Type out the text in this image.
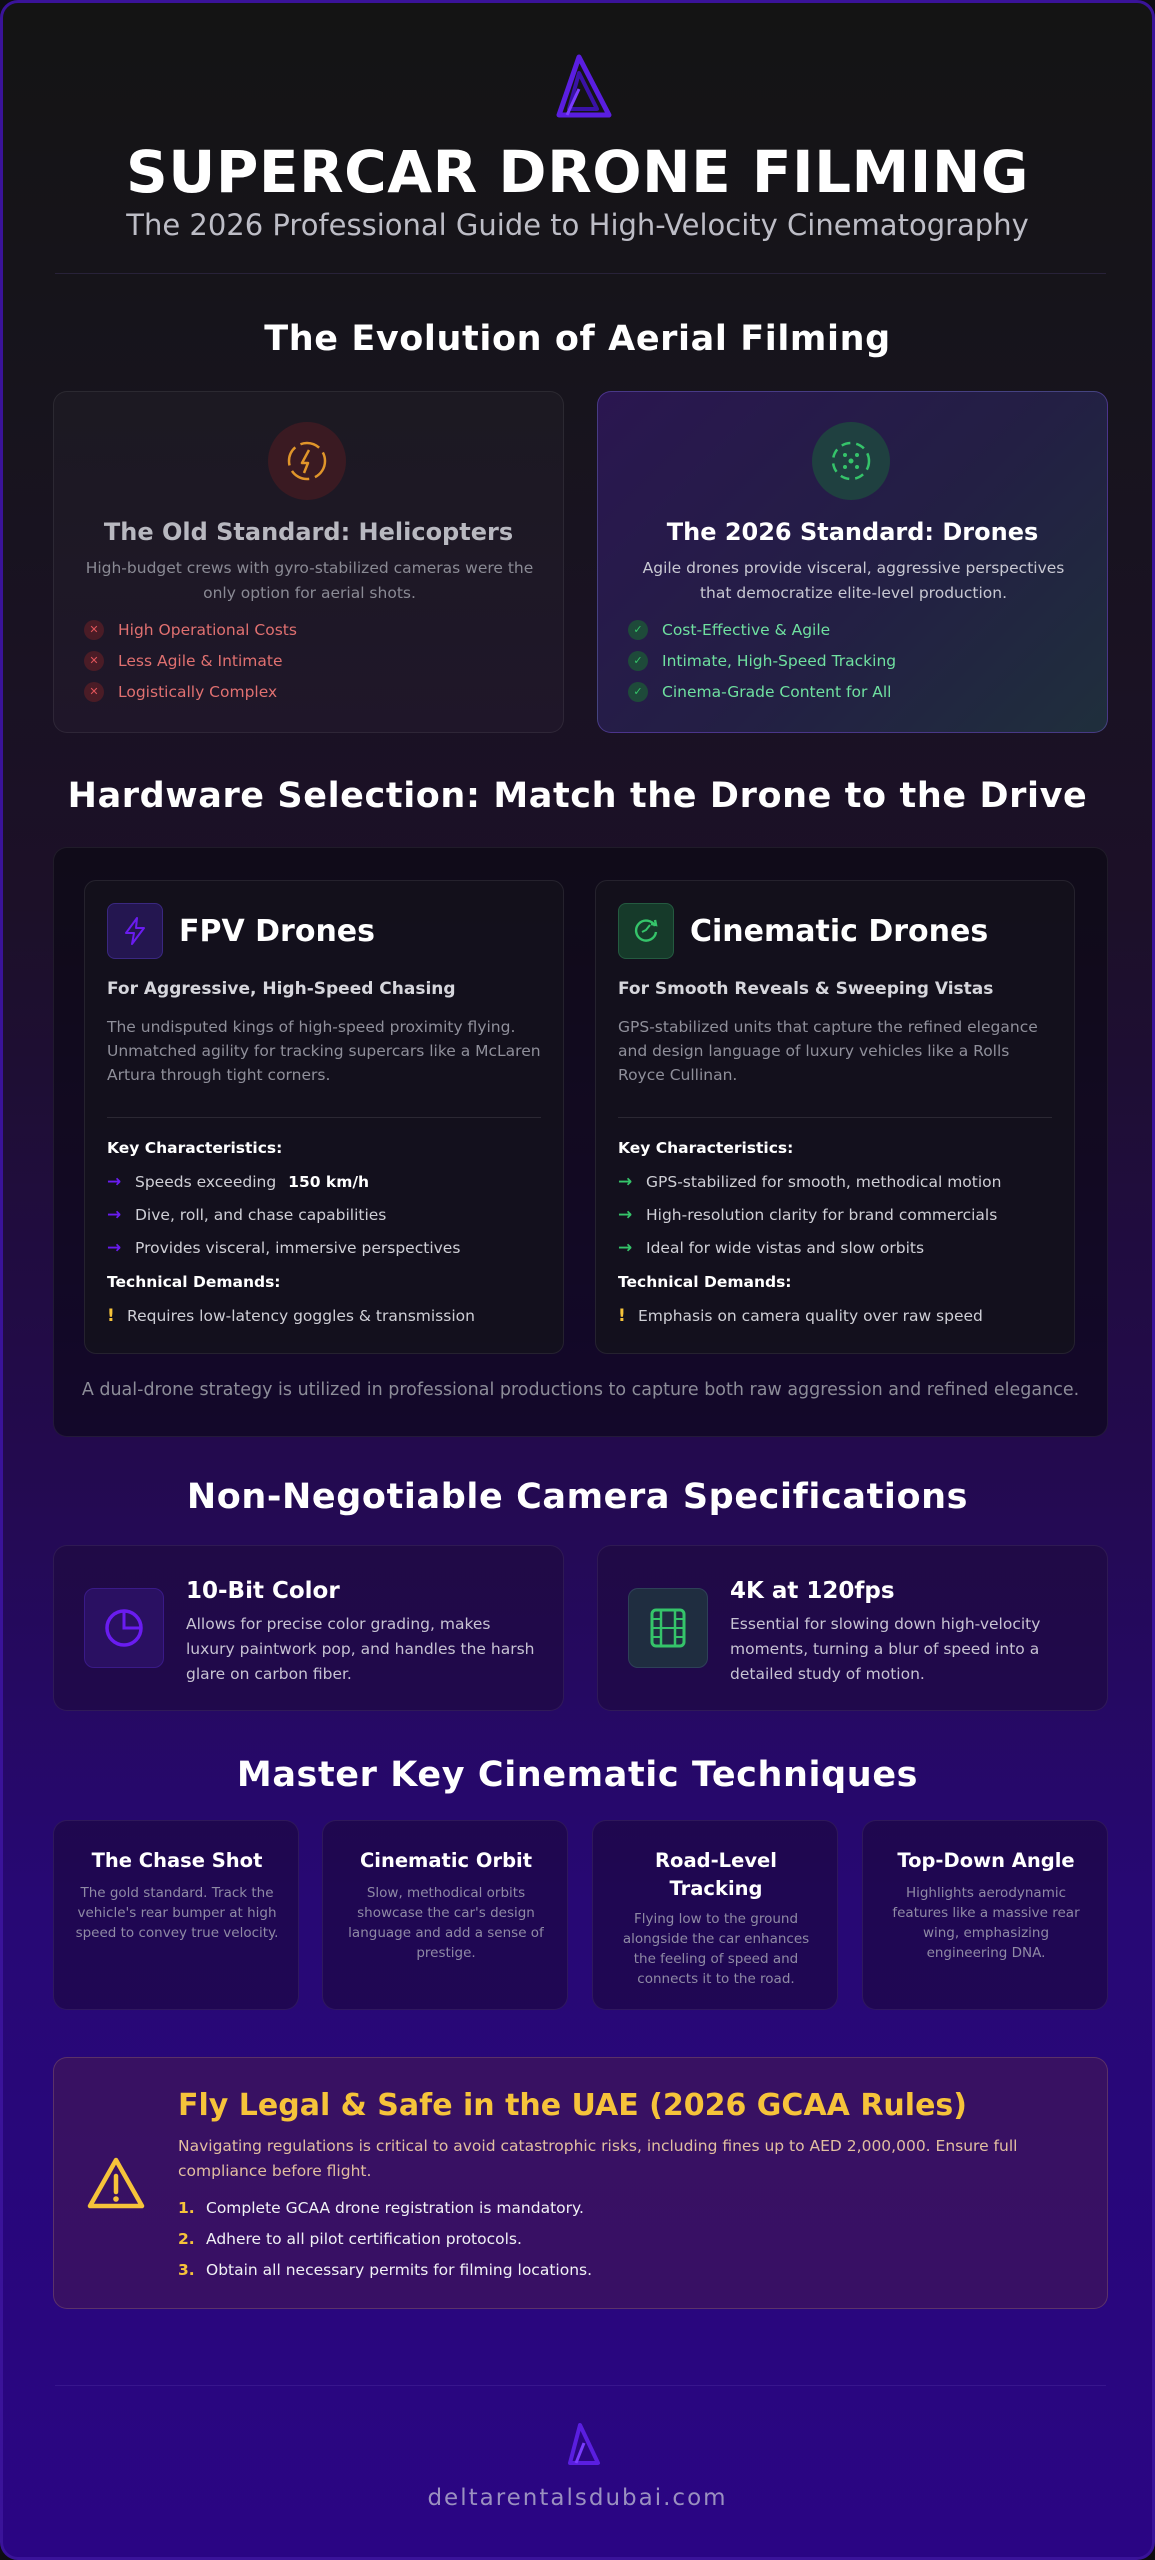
SUPERCAR DRONE FILMING
The 2026 Professional Guide to High-Velocity Cinematography
The Evolution of Aerial Filming
The Old Standard: Helicopters
High-budget crews with gyro-stabilized cameras were the only option for aerial shots.
✕	High Operational Costs
✕	Less Agile & Intimate
✕	Logistically Complex
The 2026 Standard: Drones
Agile drones provide visceral, aggressive perspectives that democratize elite-level production.
✓	Cost-Effective & Agile
✓	Intimate, High-Speed Tracking
✓	Cinema-Grade Content for All
Hardware Selection: Match the Drone to the Drive
FPV Drones
For Aggressive, High-Speed Chasing
The undisputed kings of high-speed proximity flying. Unmatched agility for tracking supercars like a McLaren Artura through tight corners.
Key Characteristics:
→ Speeds exceeding 150 km/h
→ Dive, roll, and chase capabilities
→ Provides visceral, immersive perspectives
Technical Demands:
! Requires low-latency goggles & transmission
Cinematic Drones
For Smooth Reveals & Sweeping Vistas
GPS-stabilized units that capture the refined elegance and design language of luxury vehicles like a Rolls Royce Cullinan.
Key Characteristics:
→ GPS-stabilized for smooth, methodical motion
→ High-resolution clarity for brand commercials
→ Ideal for wide vistas and slow orbits
Technical Demands:
! Emphasis on camera quality over raw speed
A dual-drone strategy is utilized in professional productions to capture both raw aggression and refined elegance.
Non-Negotiable Camera Specifications
10-Bit Color
Allows for precise color grading, makes luxury paintwork pop, and handles the harsh glare on carbon fiber.
4K at 120fps
Essential for slowing down high-velocity moments, turning a blur of speed into a detailed study of motion.
Master Key Cinematic Techniques
The Chase Shot
The gold standard. Track the vehicle's rear bumper at high speed to convey true velocity.
Cinematic Orbit
Slow, methodical orbits showcase the car's design language and add a sense of prestige.
Road-Level Tracking
Flying low to the ground alongside the car enhances the feeling of speed and connects it to the road.
Top-Down Angle
Highlights aerodynamic features like a massive rear wing, emphasizing engineering DNA.
Fly Legal & Safe in the UAE (2026 GCAA Rules)
Navigating regulations is critical to avoid catastrophic risks, including fines up to AED 2,000,000. Ensure full compliance before flight.
1. Complete GCAA drone registration is mandatory.
2. Adhere to all pilot certification protocols.
3. Obtain all necessary permits for filming locations.
deltarentalsdubai.com
